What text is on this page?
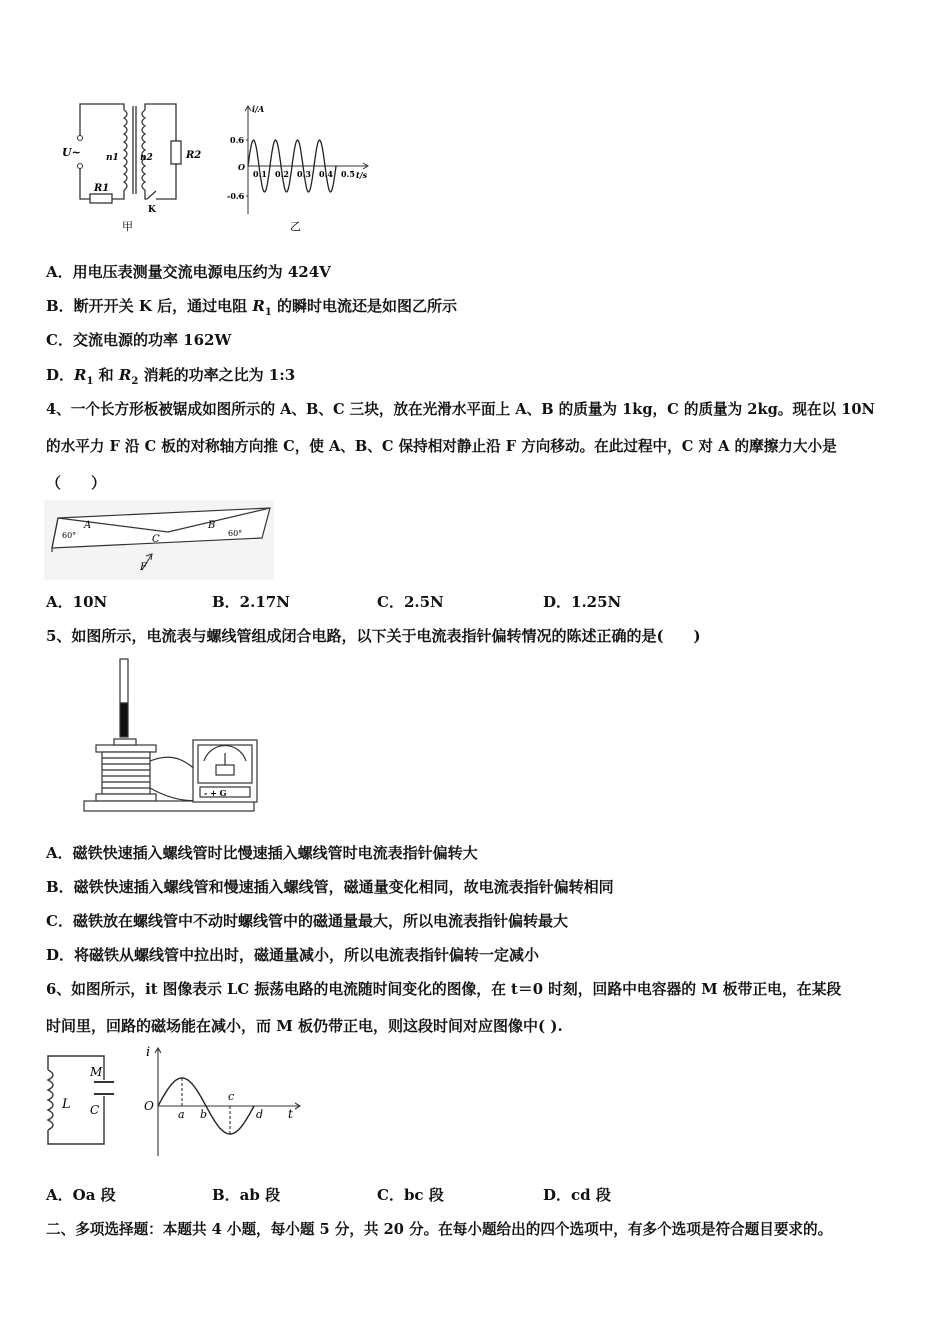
U~	n1 n2
R1
R2
K
甲
i/A
0.6
-0.6
O
t/s
0.1 0.2 0.3 0.4 0.5
乙
A．用电压表测量交流电源电压约为 424V
B．断开开关 K 后，通过电阻 $R_1$ 的瞬时电流还是如图乙所示
C．交流电源的功率 162W
D．$R_1$ 和 $R_2$ 消耗的功率之比为 1:3
4、一个长方形板被锯成如图所示的 A、B、C 三块，放在光滑水平面上 A、B 的质量为 1kg，C 的质量为 2kg。现在以 10N
的水平力 F 沿 C 板的对称轴方向推 C，使 A、B、C 保持相对静止沿 F 方向移动。在此过程中，C 对 A 的摩擦力大小是
（　　）
A	B
C
F
60°	60°
A．10N	B．2.17N	C．2.5N	D．1.25N
5、如图所示，电流表与螺线管组成闭合电路，以下关于电流表指针偏转情况的陈述正确的是(　　)
- + G
A．磁铁快速插入螺线管时比慢速插入螺线管时电流表指针偏转大
B．磁铁快速插入螺线管和慢速插入螺线管，磁通量变化相同，故电流表指针偏转相同
C．磁铁放在螺线管中不动时螺线管中的磁通量最大，所以电流表指针偏转最大
D．将磁铁从螺线管中拉出时，磁通量减小，所以电流表指针偏转一定减小
6、如图所示，it 图像表示 LC 振荡电路的电流随时间变化的图像，在 t＝0 时刻，回路中电容器的 M 板带正电，在某段
时间里，回路的磁场能在减小，而 M 板仍带正电，则这段时间对应图像中( ).
L
M
C
i
O
a b
c
d t
A．Oa 段	B．ab 段	C．bc 段	D．cd 段
二、多项选择题：本题共 4 小题，每小题 5 分，共 20 分。在每小题给出的四个选项中，有多个选项是符合题目要求的。
